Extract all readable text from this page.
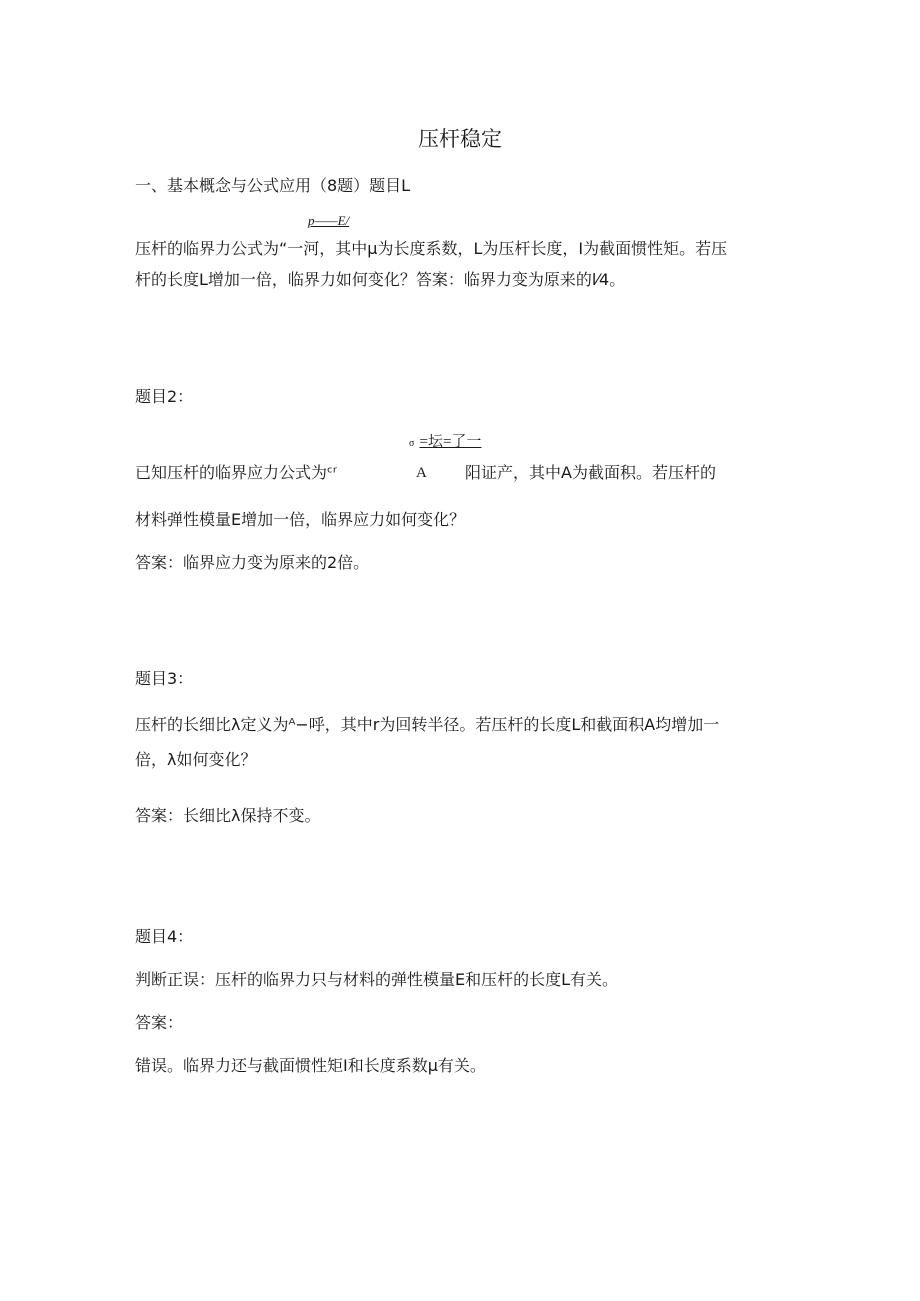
压杆稳定
一、基本概念与公式应用（8题）题目L
p——E/
压杆的临界力公式为“一河，其中μ为长度系数，L为压杆长度，I为截面惯性矩。若压
杆的长度L增加一倍，临界力如何变化？答案：临界力变为原来的l⁄4。
题目2：
σ =坛=了一
已知压杆的临界应力公式为ᶜʳ	A 阳证产，其中A为截面积。若压杆的
材料弹性模量E增加一倍，临界应力如何变化？
答案：临界应力变为原来的2倍。
题目3：
压杆的长细比λ定义为ᴬ−呼，其中r为回转半径。若压杆的长度L和截面积A均增加一
倍，λ如何变化？
答案：长细比λ保持不变。
题目4：
判断正误：压杆的临界力只与材料的弹性模量E和压杆的长度L有关。
答案：
错误。临界力还与截面惯性矩I和长度系数μ有关。
